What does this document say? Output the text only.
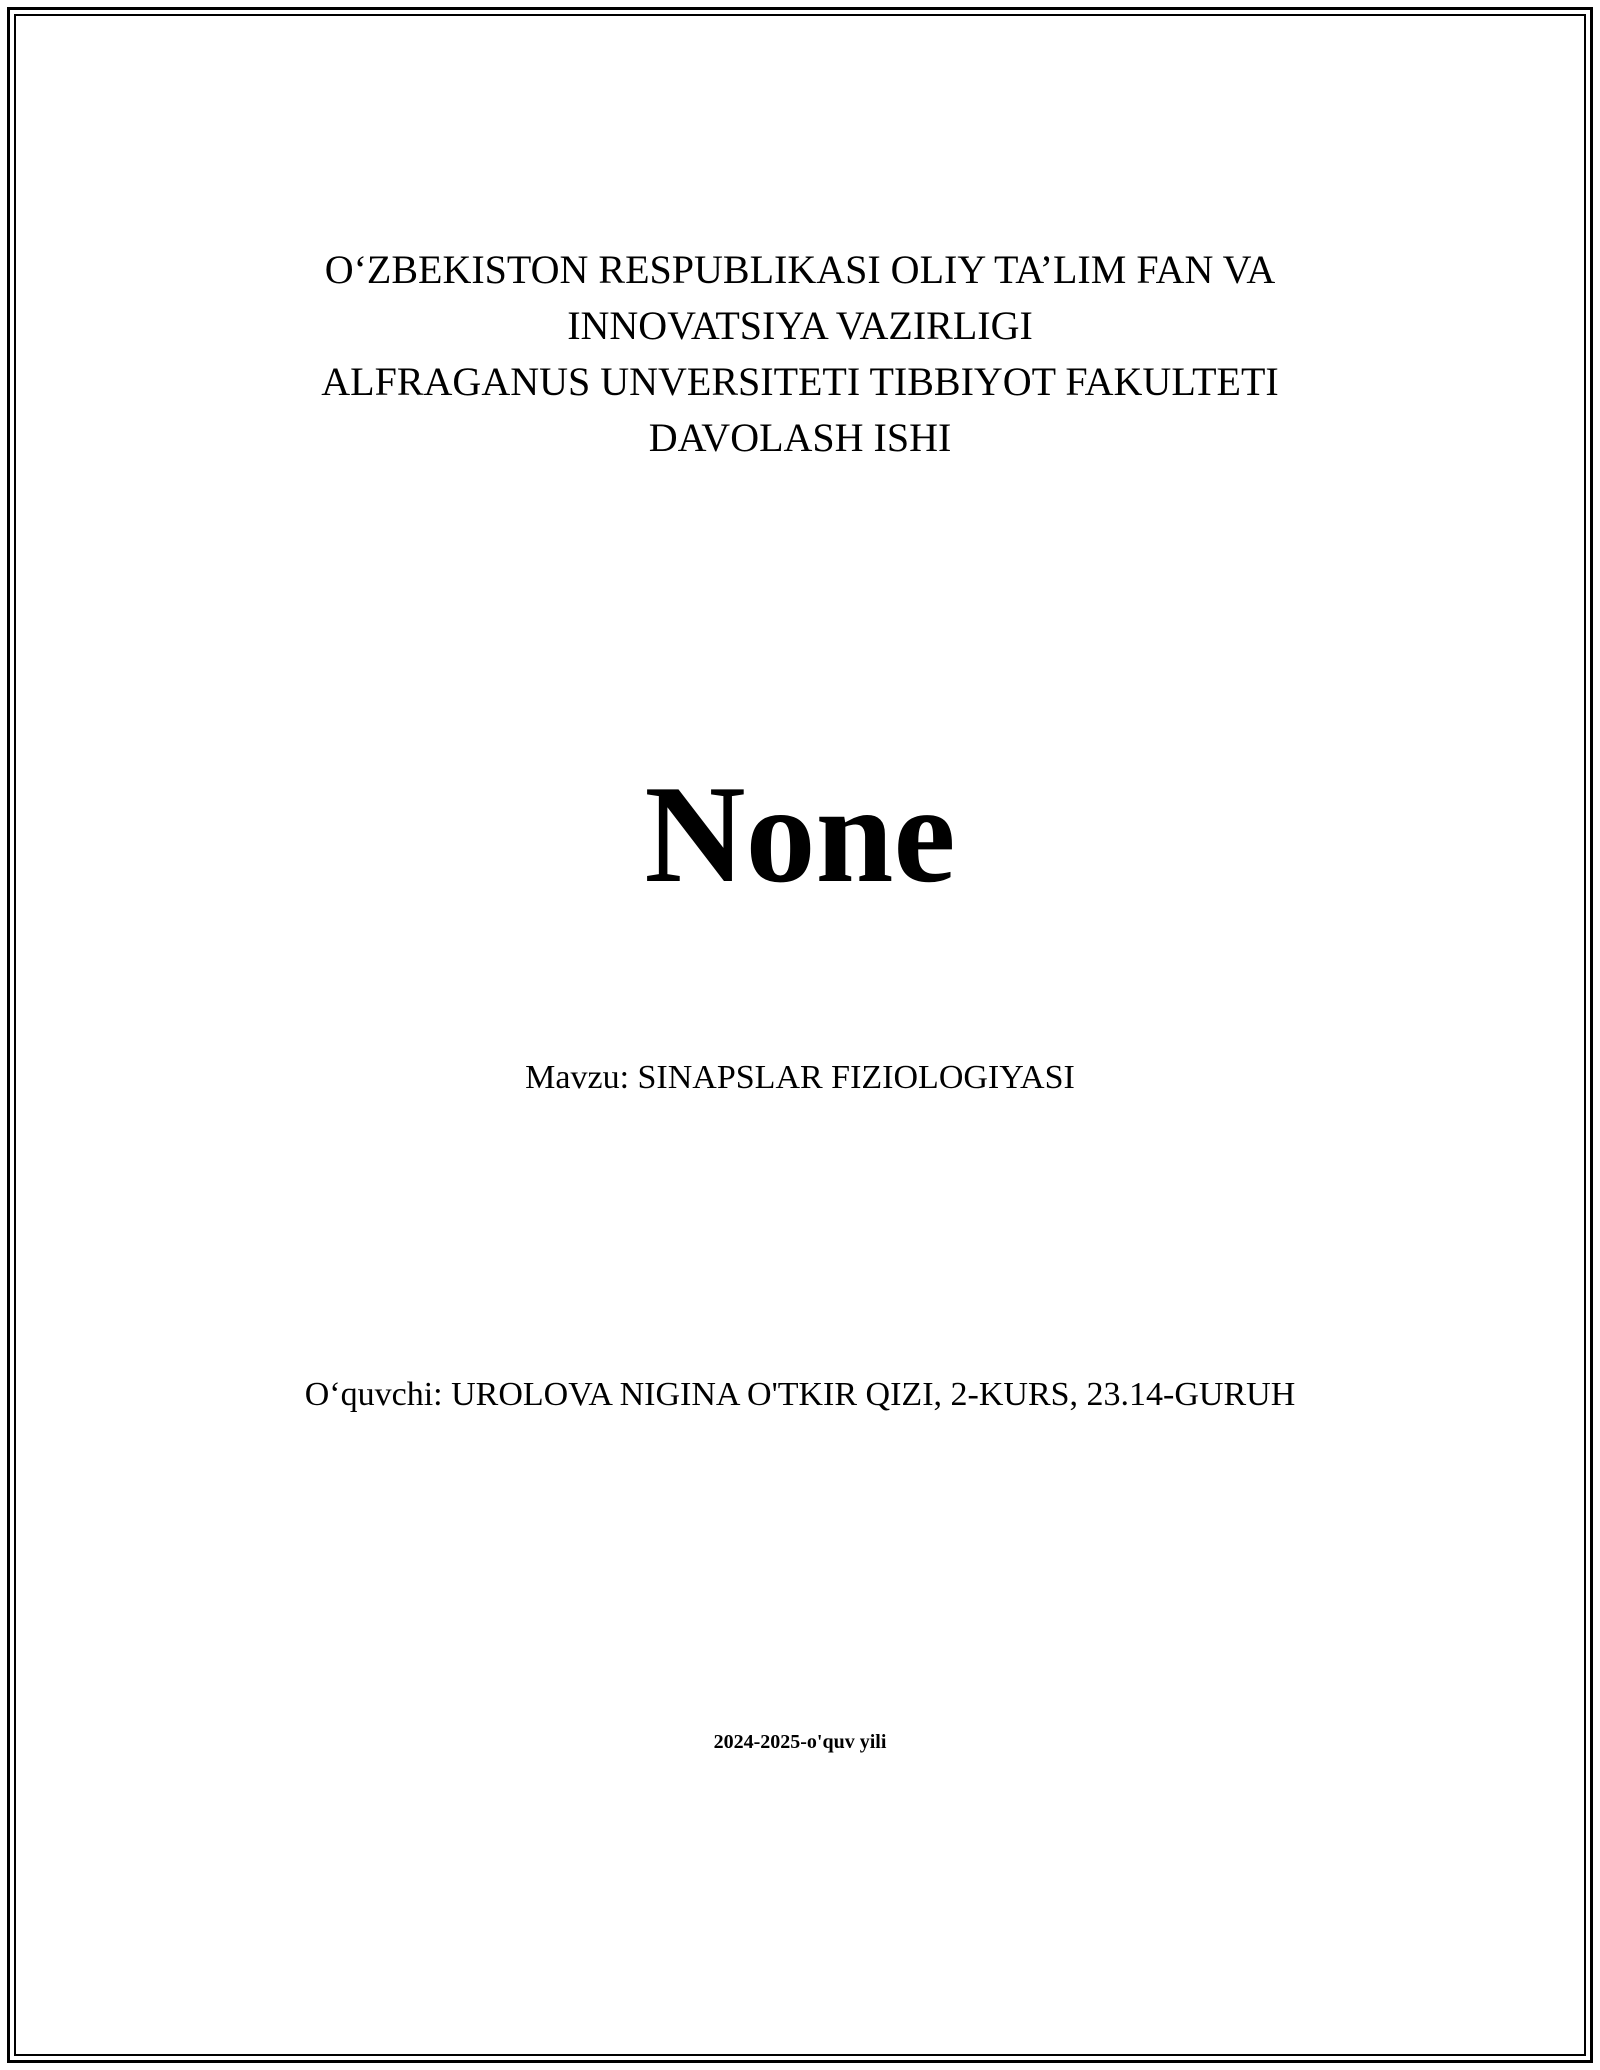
O‘ZBEKISTON RESPUBLIKASI OLIY TA’LIM FAN VA
INNOVATSIYA VAZIRLIGI
ALFRAGANUS UNVERSITETI TIBBIYOT FAKULTETI
DAVOLASH ISHI
None
Mavzu: SINAPSLAR FIZIOLOGIYASI
O‘quvchi: UROLOVA NIGINA O'TKIR QIZI, 2-KURS, 23.14-GURUH
2024-2025-o'quv yili
